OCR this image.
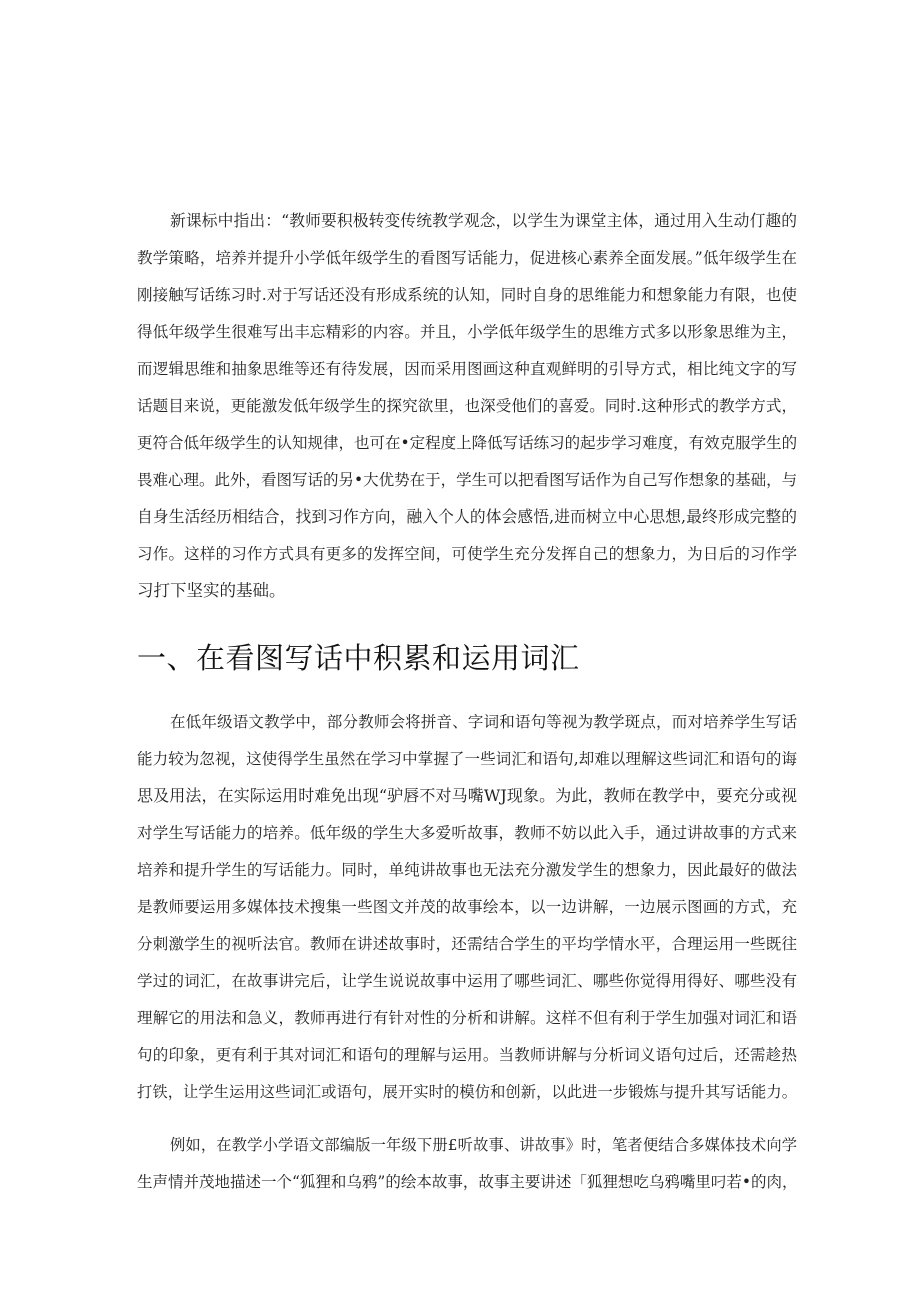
新课标中指出：“教师要积极转变传统教学观念，以学生为课堂主体，通过用入生动仃趣的
教学策略，培养并提升小学低年级学生的看图写话能力，促进核心素养全面发展。”低年级学生在
刚接触写话练习时.对于写话还没有形成系统的认知，同时自身的思维能力和想象能力有限，也使
得低年级学生很难写出丰忘精彩的内容。并且，小学低年级学生的思维方式多以形象思维为主，
而逻辑思维和抽象思维等还有待发展，因而采用图画这种直观鲜明的引导方式，相比纯文字的写
话题目来说，更能激发低年级学生的探究欲里，也深受他们的喜爱。同时.这种形式的教学方式，
更符合低年级学生的认知规律，也可在•定程度上降低写话练习的起步学习难度，有效克服学生的
畏难心理。此外，看图写话的另•大优势在于，学生可以把看图写话作为自己写作想象的基础，与
自身生活经历相结合，找到习作方向，融入个人的体会感悟,进而树立中心思想,最终形成完整的
习作。这样的习作方式具有更多的发挥空间，可使学生充分发挥自己的想象力，为日后的习作学
习打下坚实的基础。
一、在看图写话中积累和运用词汇
在低年级语文教学中，部分教师会将拼音、字词和语句等视为教学斑点，而对培养学生写话
能力较为忽视，这使得学生虽然在学习中掌握了一些词汇和语句,却难以理解这些词汇和语句的诲
思及用法，在实际运用时难免出现“驴唇不对马嘴WJ现象。为此，教师在教学中，要充分或视
对学生写话能力的培养。低年级的学生大多爱听故事，教师不妨以此入手，通过讲故事的方式来
培养和提升学生的写话能力。同时，单纯讲故事也无法充分激发学生的想象力，因此最好的做法
是教师要运用多媒体技术搜集一些图文并茂的故事绘本，以一边讲解，一边展示图画的方式，充
分刺激学生的视听法官。教师在讲述故事时，还需结合学生的平均学情水平，合理运用一些既往
学过的词汇，在故事讲完后，让学生说说故事中运用了哪些词汇、哪些你觉得用得好、哪些没有
理解它的用法和急义，教师再进行有针对性的分析和讲解。这样不但有利于学生加强对词汇和语
句的印象，更有利于其对词汇和语句的理解与运用。当教师讲解与分析词义语句过后，还需趁热
打铁，让学生运用这些词汇或语句，展开实时的模仿和创新，以此进一步锻炼与提升其写话能力。
例如，在教学小学语文部编版一年级下册£听故事、讲故事》时，笔者便结合多媒体技术向学
生声情并茂地描述一个“狐狸和乌鸦”的绘本故事，故事主要讲述「狐狸想吃乌鸦嘴里叼若•的肉，
